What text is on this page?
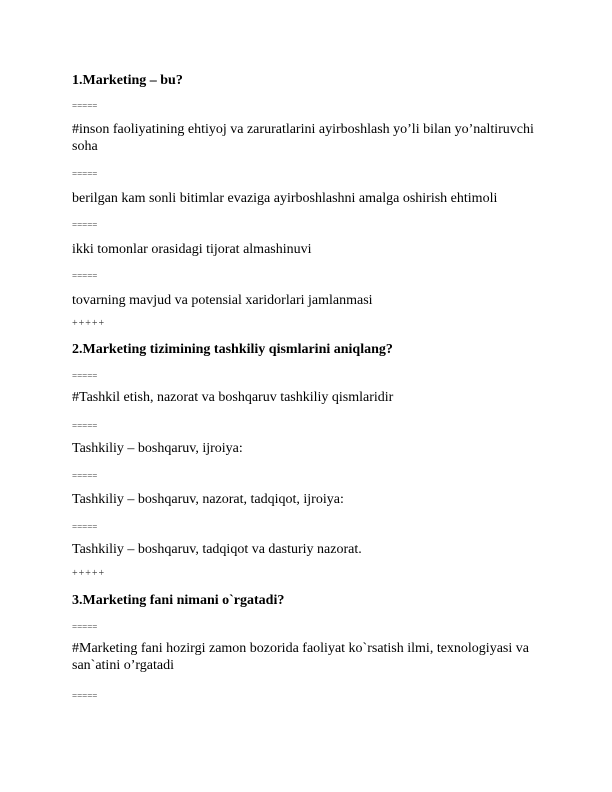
1.Marketing – bu?
=====
#inson faoliyatining ehtiyoj va zaruratlarini ayirboshlash yo’li bilan yo’naltiruvchi soha
=====
berilgan kam sonli bitimlar evaziga ayirboshlashni amalga oshirish ehtimoli
=====
ikki tomonlar orasidagi tijorat almashinuvi
=====
tovarning mavjud va potensial xaridorlari jamlanmasi
+++++
2.Marketing tizimining tashkiliy qismlarini aniqlang?
=====
#Tashkil etish, nazorat va boshqaruv tashkiliy qismlaridir
=====
Tashkiliy – boshqaruv, ijroiya:
=====
Tashkiliy – boshqaruv, nazorat, tadqiqot, ijroiya:
=====
Tashkiliy – boshqaruv, tadqiqot va dasturiy nazorat.
+++++
3.Marketing fani nimani o`rgatadi?
=====
#Marketing fani hozirgi zamon bozorida faoliyat ko`rsatish ilmi, texnologiyasi va san`atini o’rgatadi
=====
